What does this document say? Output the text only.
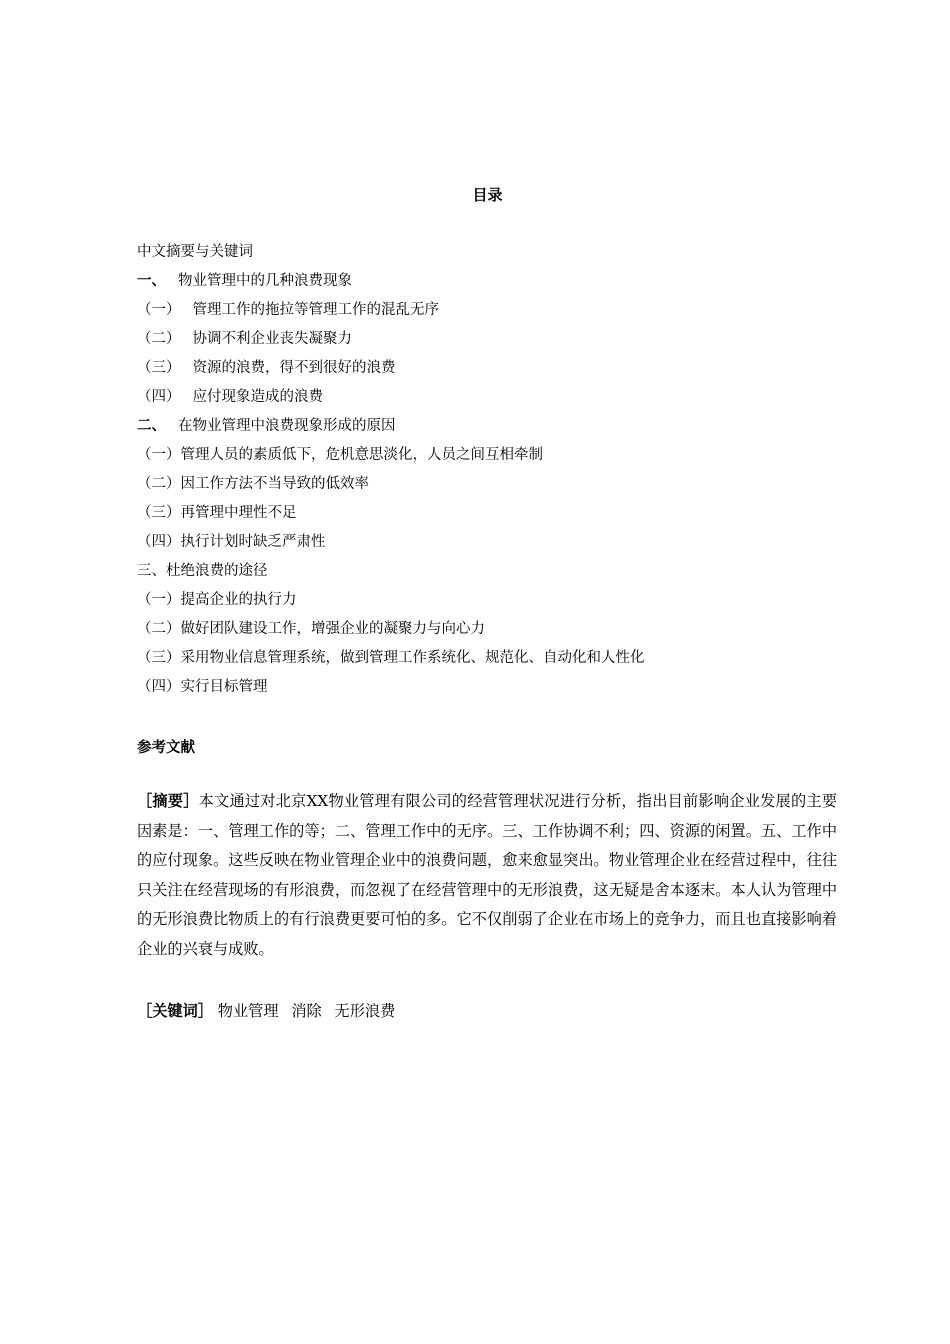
目录
中文摘要与关键词
一、 物业管理中的几种浪费现象
（一） 管理工作的拖拉等管理工作的混乱无序
（二） 协调不利企业丧失凝聚力
（三） 资源的浪费，得不到很好的浪费
（四） 应付现象造成的浪费
二、 在物业管理中浪费现象形成的原因
（一）管理人员的素质低下，危机意思淡化，人员之间互相牵制
（二）因工作方法不当导致的低效率
（三）再管理中理性不足
（四）执行计划时缺乏严肃性
三、杜绝浪费的途径
（一）提高企业的执行力
（二）做好团队建设工作，增强企业的凝聚力与向心力
（三）采用物业信息管理系统，做到管理工作系统化、规范化、自动化和人性化
（四）实行目标管理
参考文献
［摘要］本文通过对北京XX物业管理有限公司的经营管理状况进行分析，指出目前影响企业发展的主要因素是：一、管理工作的等；二、管理工作中的无序。三、工作协调不利；四、资源的闲置。五、工作中的应付现象。这些反映在物业管理企业中的浪费问题，愈来愈显突出。物业管理企业在经营过程中，往往只关注在经营现场的有形浪费，而忽视了在经营管理中的无形浪费，这无疑是舍本逐末。本人认为管理中的无形浪费比物质上的有行浪费更要可怕的多。它不仅削弱了企业在市场上的竞争力，而且也直接影响着企业的兴衰与成败。
［关键词］ 物业管理 消除 无形浪费
